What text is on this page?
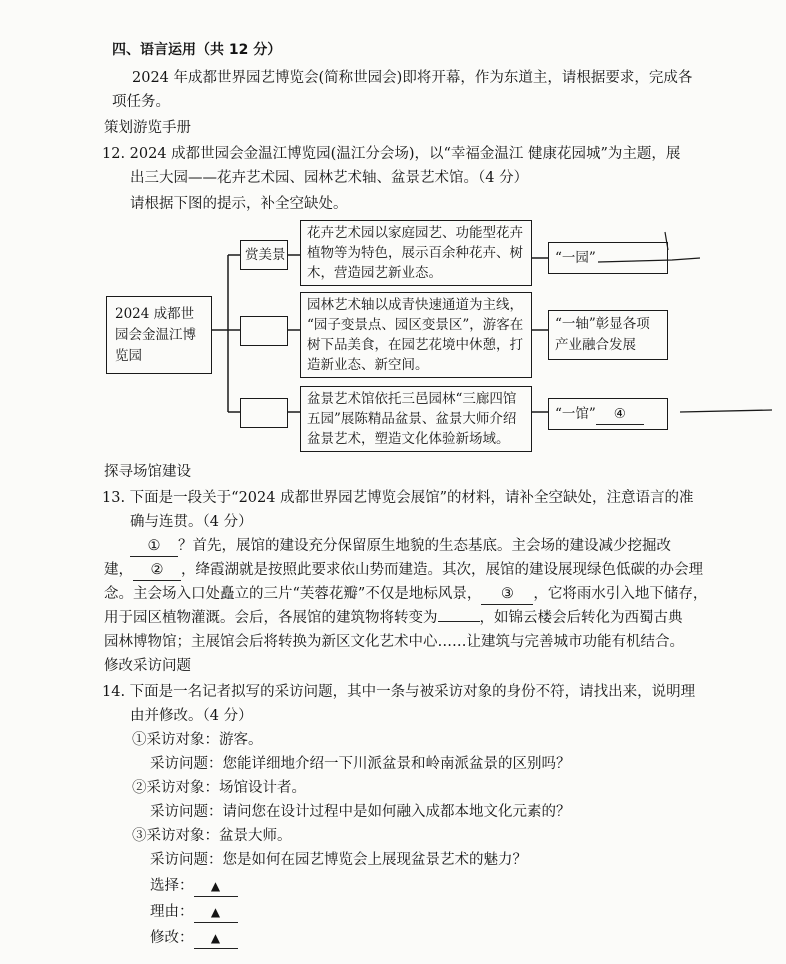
四、语言运用（共 12 分）
2024 年成都世界园艺博览会(简称世园会)即将开幕，作为东道主，请根据要求，完成各
项任务。
策划游览手册
12. 2024 成都世园会金温江博览园(温江分会场)，以“幸福金温江 健康花园城”为主题，展
出三大园——花卉艺术园、园林艺术轴、盆景艺术馆。（4 分）
请根据下图的提示，补全空缺处。
2024 成都世
园会金温江博
览园
赏美景
花卉艺术园以家庭园艺、功能型花卉
植物等为特色，展示百余种花卉、树
木，营造园艺新业态。
园林艺术轴以成青快速通道为主线，
“园子变景点、园区变景区”，游客在
树下品美食，在园艺花境中休憩，打
造新业态、新空间。
盆景艺术馆依托三邑园林“三廊四馆
五园”展陈精品盆景、盆景大师介绍
盆景艺术，塑造文化体验新场域。
“一园”
“一轴”彰显各项
产业融合发展
“一馆” ④
探寻场馆建设
13. 下面是一段关于“2024 成都世界园艺博览会展馆”的材料，请补全空缺处，注意语言的准
确与连贯。（4 分）
① ？首先，展馆的建设充分保留原生地貌的生态基底。主会场的建设减少挖掘改
建， ② ，绛霞湖就是按照此要求依山势而建造。其次，展馆的建设展现绿色低碳的办会理
念。主会场入口处矗立的三片“芙蓉花瓣”不仅是地标风景， ③ ，它将雨水引入地下储存，
用于园区植物灌溉。会后，各展馆的建筑物将转变为	，如锦云楼会后转化为西蜀古典
园林博物馆；主展馆会后将转换为新区文化艺术中心……让建筑与完善城市功能有机结合。
修改采访问题
14. 下面是一名记者拟写的采访问题，其中一条与被采访对象的身份不符，请找出来，说明理
由并修改。（4 分）
①采访对象：游客。
采访问题：您能详细地介绍一下川派盆景和岭南派盆景的区别吗？
②采访对象：场馆设计者。
采访问题：请问您在设计过程中是如何融入成都本地文化元素的？
③采访对象：盆景大师。
采访问题：您是如何在园艺博览会上展现盆景艺术的魅力？
选择： ▲
理由： ▲
修改： ▲
